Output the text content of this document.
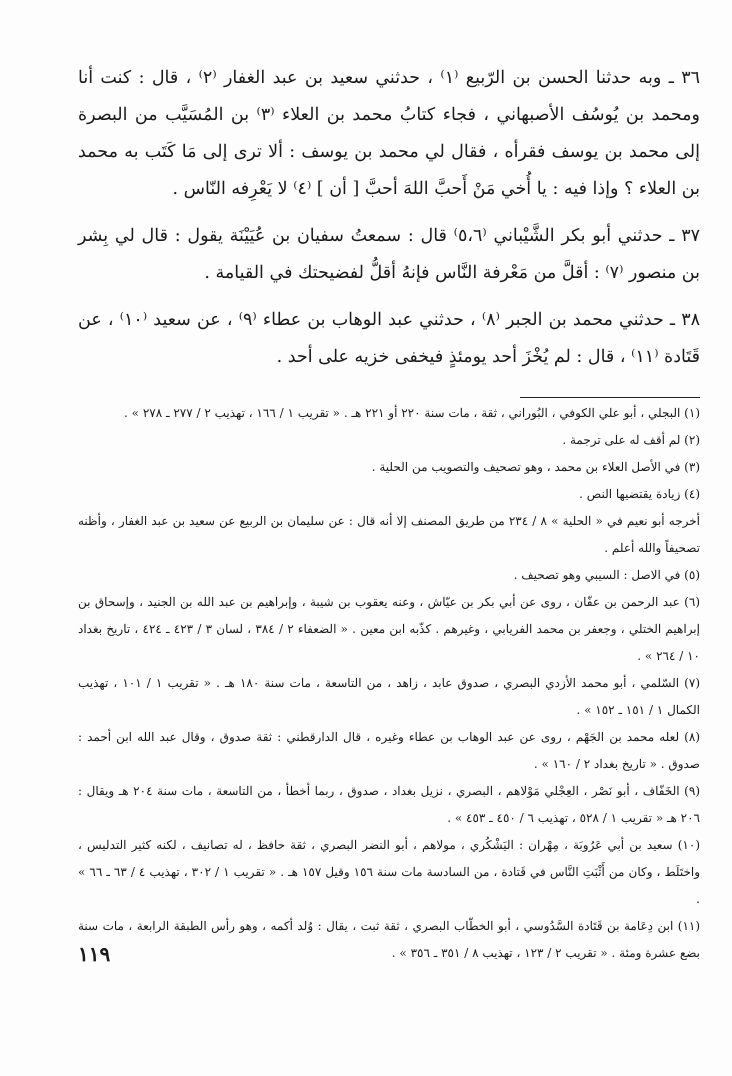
٣٦ ـ وبه حدثنا الحسن بن الرّبيع ⁽١⁾ ، حدثني سعيد بن عبد الغفار ⁽٢⁾ ، قال : كنت أنا ومحمد بن يُوسُف الأصبهاني ، فجاء كتابُ محمد بن العلاء ⁽٣⁾ بن المُسَيَّب من البصرة إلى محمد بن يوسف فقرأه ، فقال لي محمد بن يوسف : ألا ترى إلى مَا كَتَب به محمد بن العلاء ؟ وإذا فيه : يا أُخي مَنْ أَحبَّ اللهَ أحبَّ [ أن ] ⁽٤⁾ لا يَعْرِفه النّاس .

٣٧ ـ حدثني أبو بكر الشَّيْباني ⁽٥،٦⁾ قال : سمعتُ سفيان بن عُيَيْنَة يقول : قال لي بِشر بن منصور ⁽٧⁾ : أقلَّ من مَعْرفة النَّاس فإنهُ أقلُّ لفضيحتك في القيامة .

٣٨ ـ حدثني محمد بن الجبر ⁽٨⁾ ، حدثني عبد الوهاب بن عطاء ⁽٩⁾ ، عن سعيد ⁽١٠⁾ ، عن قَتَادة ⁽١١⁾ ، قال : لم يُخْزَ أحد يومئذٍ فيخفى خزيه على أحد .

(١) البجلي ، أبو علي الكوفي ، البُوراني ، ثقة ، مات سنة ٢٢٠ أو ٢٢١ هـ . « تقريب ١ / ١٦٦ ، تهذيب ٢ / ٢٧٧ ـ ٢٧٨ » .

(٢) لم أقف له على ترجمة .

(٣) في الأصل العلاء بن محمد ، وهو تصحيف والتصويب من الحلية .

(٤) زيادة يقتضيها النص .

أخرجه أبو نعيم في « الحلية » ٨ / ٢٣٤ من طريق المصنف إلا أنه قال : عن سليمان بن الربيع عن سعيد بن عبد الغفار ، وأظنه تصحيفاً والله أعلم .

(٥) في الاصل : السيبي وهو تصحيف .

(٦) عبد الرحمن بن عفّان ، روى عن أبي بكر بن عيّاش ، وعنه يعقوب بن شيبة ، وإبراهيم بن عبد الله بن الجنيد ، وإسحاق بن إبراهيم الختلي ، وجعفر بن محمد الفريابي ، وغيرهم . كذّبه ابن معين . « الضعفاء ٢ / ٣٨٤ ، لسان ٣ / ٤٢٣ ـ ٤٢٤ ، تاريخ بغداد ١٠ / ٢٦٤ » .

(٧) السّلمي ، أبو محمد الأزدي البصري ، صدوق عابد ، زاهد ، من التاسعة ، مات سنة ١٨٠ هـ . « تقريب ١ / ١٠١ ، تهذيب الكمال ١ / ١٥١ ـ ١٥٢ » .

(٨) لعله محمد بن الجَهْم ، روى عن عبد الوهاب بن عطاء وغيره ، قال الدارقطني : ثقة صدوق ، وقال عبد الله ابن أحمد : صدوق . « تاريخ بغداد ٢ / ١٦٠ » .

(٩) الخَفّاف ، أبو نَصْر ، العِجْلي مَوْلاهم ، البصري ، نزيل بغداد ، صدوق ، ربما أخطأ ، من التاسعة ، مات سنة ٢٠٤ هـ ويقال : ٢٠٦ هـ « تقريب ١ / ٥٢٨ ، تهذيب ٦ / ٤٥٠ ـ ٤٥٣ » .

(١٠) سعيد بن أبي عَرُوبَة ، مِهْران : اليَشْكُري ، مولاهم ، أبو النضر البصري ، ثقة حافظ ، له تصانيف ، لكنه كثير التدليس ، واختَلَط ، وكان من أَثْبَتِ النَّاس في قَتادة ، من السادسة مات سنة ١٥٦ وقيل ١٥٧ هـ . « تقريب ١ / ٣٠٢ ، تهذيب ٤ / ٦٣ ـ ٦٦ » .

(١١) ابن دِعَامة بن قَتَادة السَّدُوسي ، أبو الخطّاب البصري ، ثقة ثبت ، يقال : وُلد أكمه ، وهو رأس الطبقة الرابعة ، مات سنة بضع عشرة ومئة . « تقريب ٢ / ١٢٣ ، تهذيب ٨ / ٣٥١ ـ ٣٥٦ » .

١١٩
